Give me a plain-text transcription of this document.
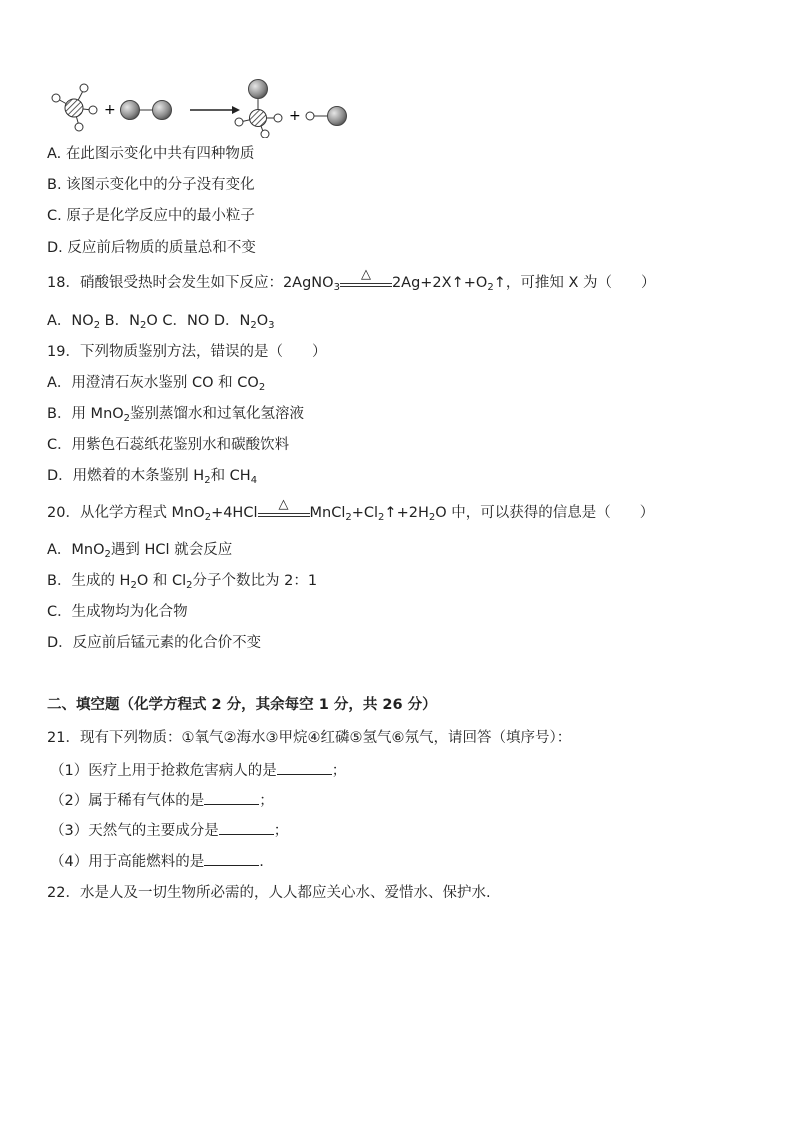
+	+
A. 在此图示变化中共有四种物质
B. 该图示变化中的分子没有变化
C. 原子是化学反应中的最小粒子
D. 反应前后物质的质量总和不变
18．硝酸银受热时会发生如下反应：2AgNO$_3$
△
$2Ag+2X↑+O_2↑$，可推知 X 为（　　）
A．$NO_2$ B．$N_2O$ C．NO D．$N_2O_3$
19．下列物质鉴别方法，错误的是（　　）
A．用澄清石灰水鉴别 CO 和 $CO_2$
B．用 MnO$_2$鉴别蒸馏水和过氧化氢溶液
C．用紫色石蕊纸花鉴别水和碳酸饮料
D．用燃着的木条鉴别 $H_2$和 $CH_4$
20．从化学方程式 MnO$_2$+4HCl
△
$MnCl_2+Cl_2↑+2H_2O$ 中，可以获得的信息是（　　）
A．MnO$_2$遇到 HCl 就会反应
B．生成的 $H_2O$ 和 $Cl_2$分子个数比为 2：1
C．生成物均为化合物
D．反应前后锰元素的化合价不变
二、填空题（化学方程式 2 分，其余每空 1 分，共 26 分）
21．现有下列物质：①氧气②海水③甲烷④红磷⑤氢气⑥氖气，请回答（填序号）：
（1）医疗上用于抢救危害病人的是	；
（2）属于稀有气体的是	；
（3）天然气的主要成分是	；
（4）用于高能燃料的是	.
22．水是人及一切生物所必需的，人人都应关心水、爱惜水、保护水.
